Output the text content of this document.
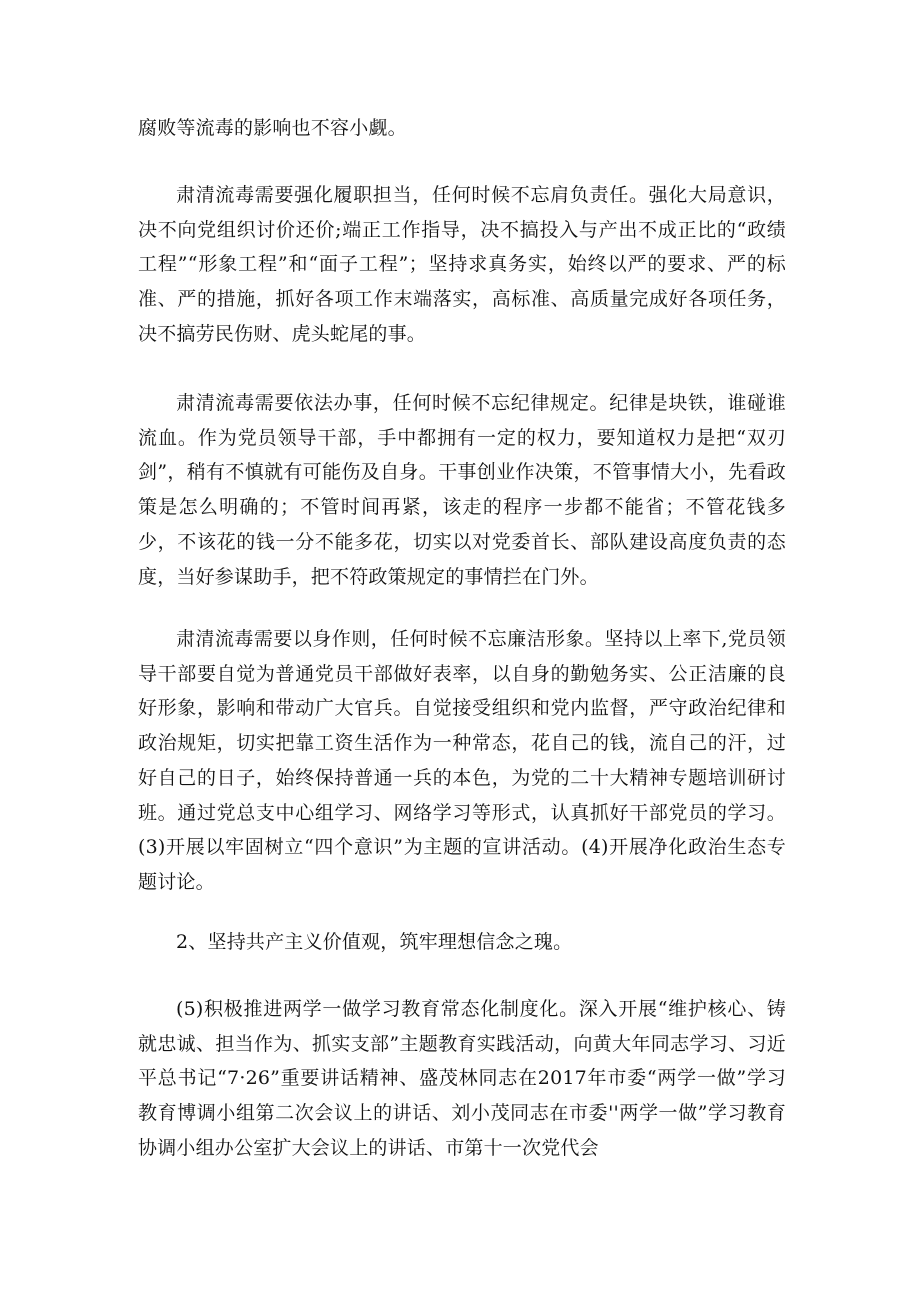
腐败等流毒的影响也不容小觑。

肃清流毒需要强化履职担当，任何时候不忘肩负责任。强化大局意识，决不向党组织讨价还价;端正工作指导，决不搞投入与产出不成正比的“政绩工程”“形象工程”和“面子工程”；坚持求真务实，始终以严的要求、严的标准、严的措施，抓好各项工作末端落实，高标准、高质量完成好各项任务，决不搞劳民伤财、虎头蛇尾的事。

肃清流毒需要依法办事，任何时候不忘纪律规定。纪律是块铁，谁碰谁流血。作为党员领导干部，手中都拥有一定的权力，要知道权力是把“双刃剑”，稍有不慎就有可能伤及自身。干事创业作决策，不管事情大小，先看政策是怎么明确的；不管时间再紧，该走的程序一步都不能省；不管花钱多少，不该花的钱一分不能多花，切实以对党委首长、部队建设高度负责的态度，当好参谋助手，把不符政策规定的事情拦在门外。

肃清流毒需要以身作则，任何时候不忘廉洁形象。坚持以上率下,党员领导干部要自觉为普通党员干部做好表率，以自身的勤勉务实、公正洁廉的良好形象，影响和带动广大官兵。自觉接受组织和党内监督，严守政治纪律和政治规矩，切实把靠工资生活作为一种常态，花自己的钱，流自己的汗，过好自己的日子，始终保持普通一兵的本色，为党的二十大精神专题培训研讨班。通过党总支中心组学习、网络学习等形式，认真抓好干部党员的学习。(3)开展以牢固树立“四个意识”为主题的宣讲活动。(4)开展净化政治生态专题讨论。

2、坚持共产主义价值观，筑牢理想信念之瑰。

(5)积极推进两学一做学习教育常态化制度化。深入开展“维护核心、铸就忠诚、担当作为、抓实支部”主题教育实践活动，向黄大年同志学习、习近平总书记“7·26”重要讲话精神、盛茂林同志在2017年市委“两学一做”学习教育博调小组第二次会议上的讲话、刘小茂同志在市委''两学一做”学习教育协调小组办公室扩大会议上的讲话、市第十一次党代会
